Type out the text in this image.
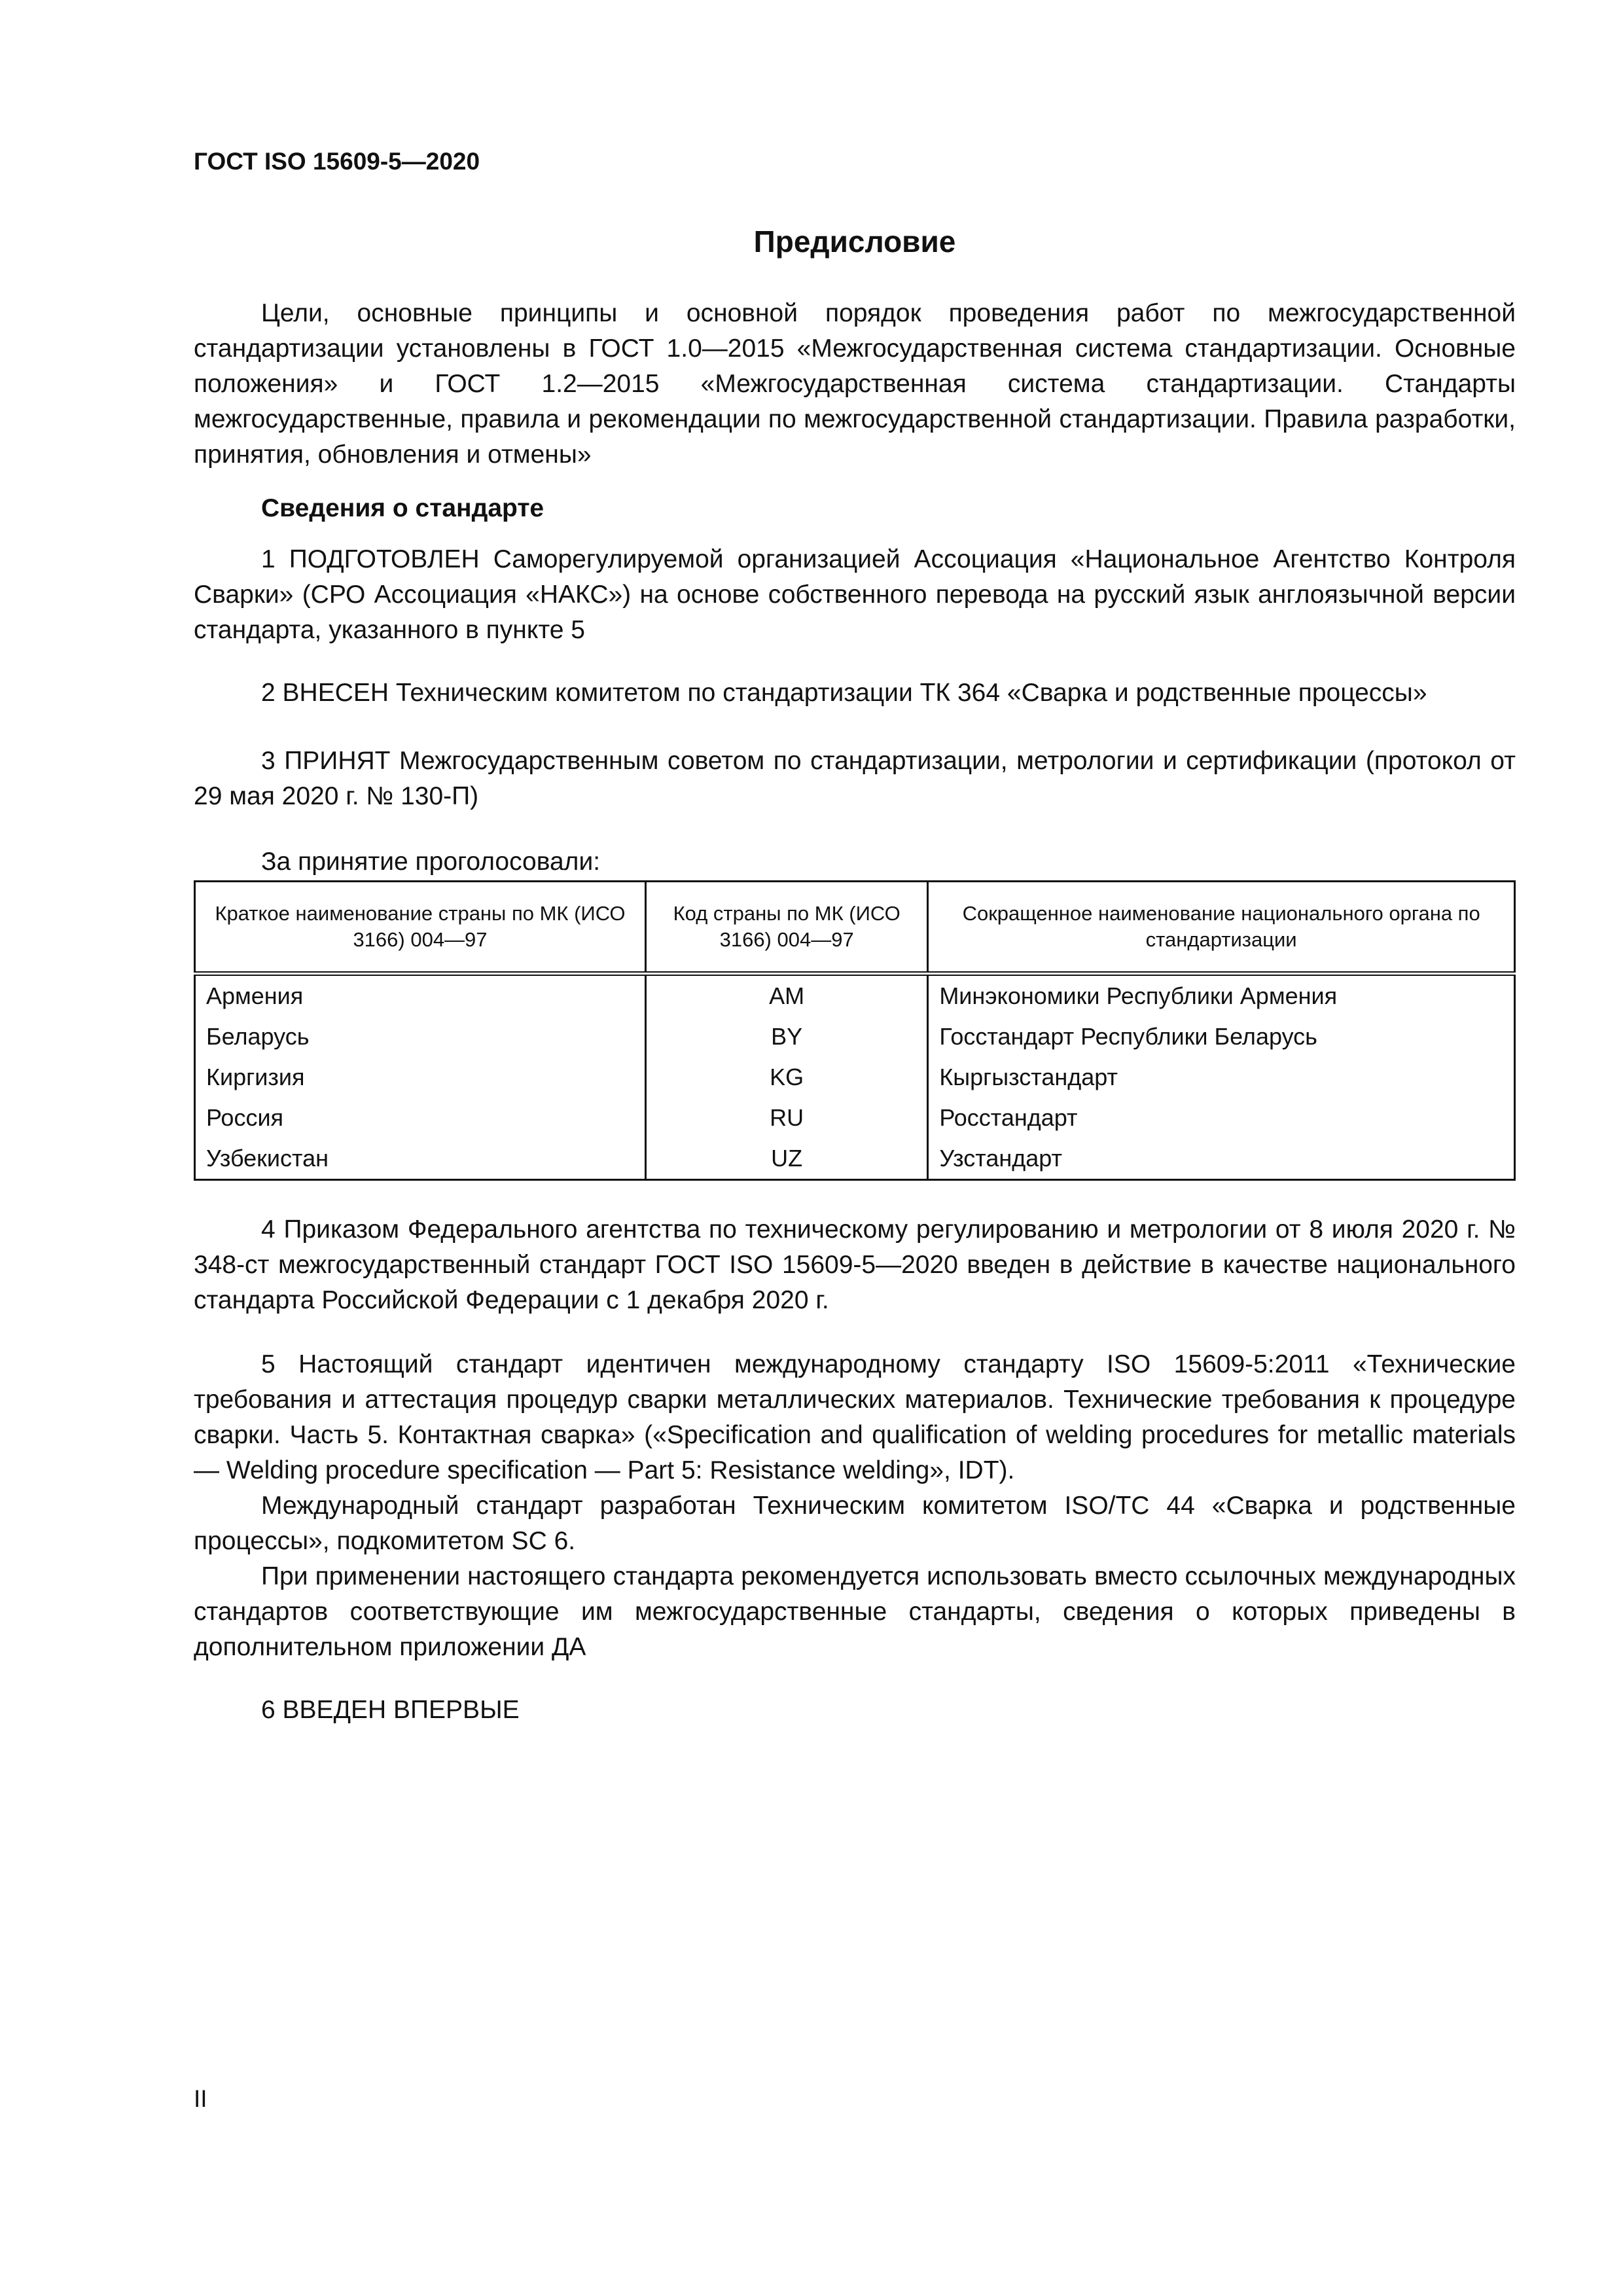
ГОСТ ISO 15609-5—2020

Предисловие

Цели, основные принципы и основной порядок проведения работ по межгосударственной стандартизации установлены в ГОСТ 1.0—2015 «Межгосударственная система стандартизации. Основные положения» и ГОСТ 1.2—2015 «Межгосударственная система стандартизации. Стандарты межгосударственные, правила и рекомендации по межгосударственной стандартизации. Правила разработки, принятия, обновления и отмены»

Сведения о стандарте

1 ПОДГОТОВЛЕН Саморегулируемой организацией Ассоциация «Национальное Агентство Контроля Сварки» (СРО Ассоциация «НАКС») на основе собственного перевода на русский язык англоязычной версии стандарта, указанного в пункте 5

2 ВНЕСЕН Техническим комитетом по стандартизации ТК 364 «Сварка и родственные процессы»

3 ПРИНЯТ Межгосударственным советом по стандартизации, метрологии и сертификации (протокол от 29 мая 2020 г. № 130-П)

За принятие проголосовали:

Краткое наименование страны по МК (ИСО 3166) 004—97	Код страны по МК (ИСО 3166) 004—97	Сокращенное наименование национального органа по стандартизации
Армения	AM	Минэкономики Республики Армения
Беларусь	BY	Госстандарт Республики Беларусь
Киргизия	KG	Кыргызстандарт
Россия	RU	Росстандарт
Узбекистан	UZ	Узстандарт

4 Приказом Федерального агентства по техническому регулированию и метрологии от 8 июля 2020 г. № 348-ст межгосударственный стандарт ГОСТ ISO 15609-5—2020 введен в действие в качестве национального стандарта Российской Федерации с 1 декабря 2020 г.

5 Настоящий стандарт идентичен международному стандарту ISO 15609-5:2011 «Технические требования и аттестация процедур сварки металлических материалов. Технические требования к процедуре сварки. Часть 5. Контактная сварка» («Specification and qualification of welding procedures for metallic materials — Welding procedure specification — Part 5: Resistance welding», IDT).

Международный стандарт разработан Техническим комитетом ISO/TC 44 «Сварка и родственные процессы», подкомитетом SC 6.

При применении настоящего стандарта рекомендуется использовать вместо ссылочных международных стандартов соответствующие им межгосударственные стандарты, сведения о которых приведены в дополнительном приложении ДА

6 ВВЕДЕН ВПЕРВЫЕ

II
